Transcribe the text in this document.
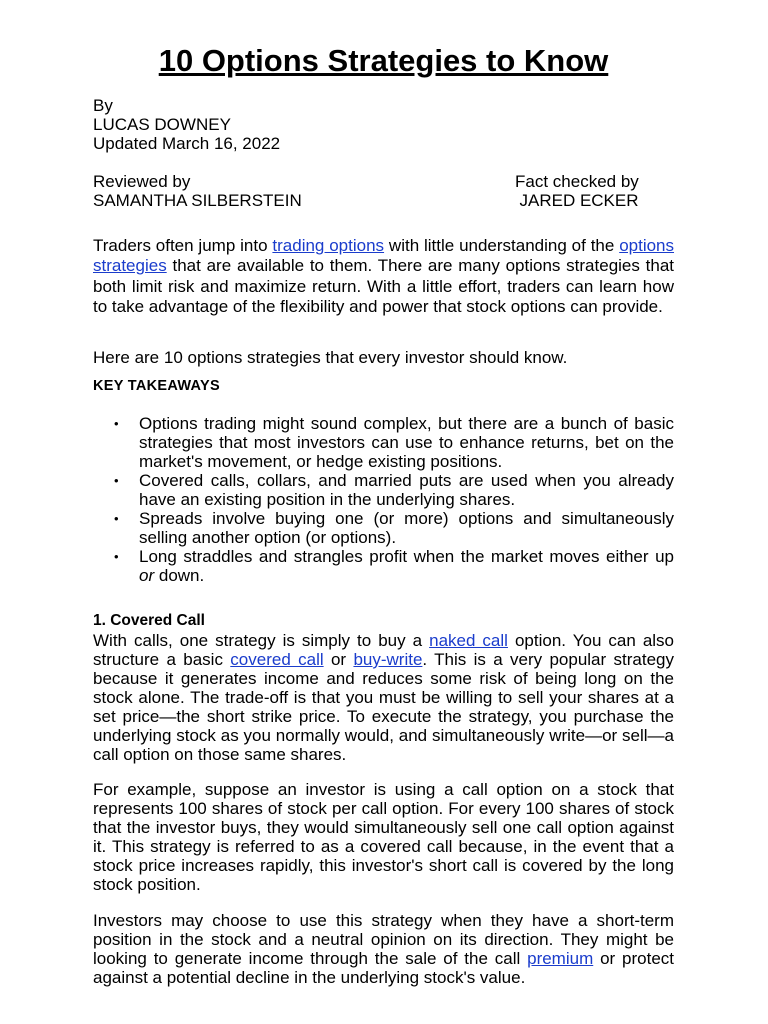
10 Options Strategies to Know

By

LUCAS DOWNEY

Updated March 16, 2022

Reviewed by

SAMANTHA SILBERSTEIN

Fact checked by

JARED ECKER

Traders often jump into trading options with little understanding of the options strategies that are available to them. There are many options strategies that both limit risk and maximize return. With a little effort, traders can learn how to take advantage of the flexibility and power that stock options can provide.

Here are 10 options strategies that every investor should know.

KEY TAKEAWAYS

• Options trading might sound complex, but there are a bunch of basic strategies that most investors can use to enhance returns, bet on the market's movement, or hedge existing positions.
• Covered calls, collars, and married puts are used when you already have an existing position in the underlying shares.
• Spreads involve buying one (or more) options and simultaneously selling another option (or options).
• Long straddles and strangles profit when the market moves either up or down.
1. Covered Call

With calls, one strategy is simply to buy a naked call option. You can also structure a basic covered call or buy-write. This is a very popular strategy because it generates income and reduces some risk of being long on the stock alone. The trade-off is that you must be willing to sell your shares at a set price—the short strike price. To execute the strategy, you purchase the underlying stock as you normally would, and simultaneously write—or sell—a call option on those same shares.

For example, suppose an investor is using a call option on a stock that represents 100 shares of stock per call option. For every 100 shares of stock that the investor buys, they would simultaneously sell one call option against it. This strategy is referred to as a covered call because, in the event that a stock price increases rapidly, this investor's short call is covered by the long stock position.

Investors may choose to use this strategy when they have a short-term position in the stock and a neutral opinion on its direction. They might be looking to generate income through the sale of the call premium or protect against a potential decline in the underlying stock's value.
